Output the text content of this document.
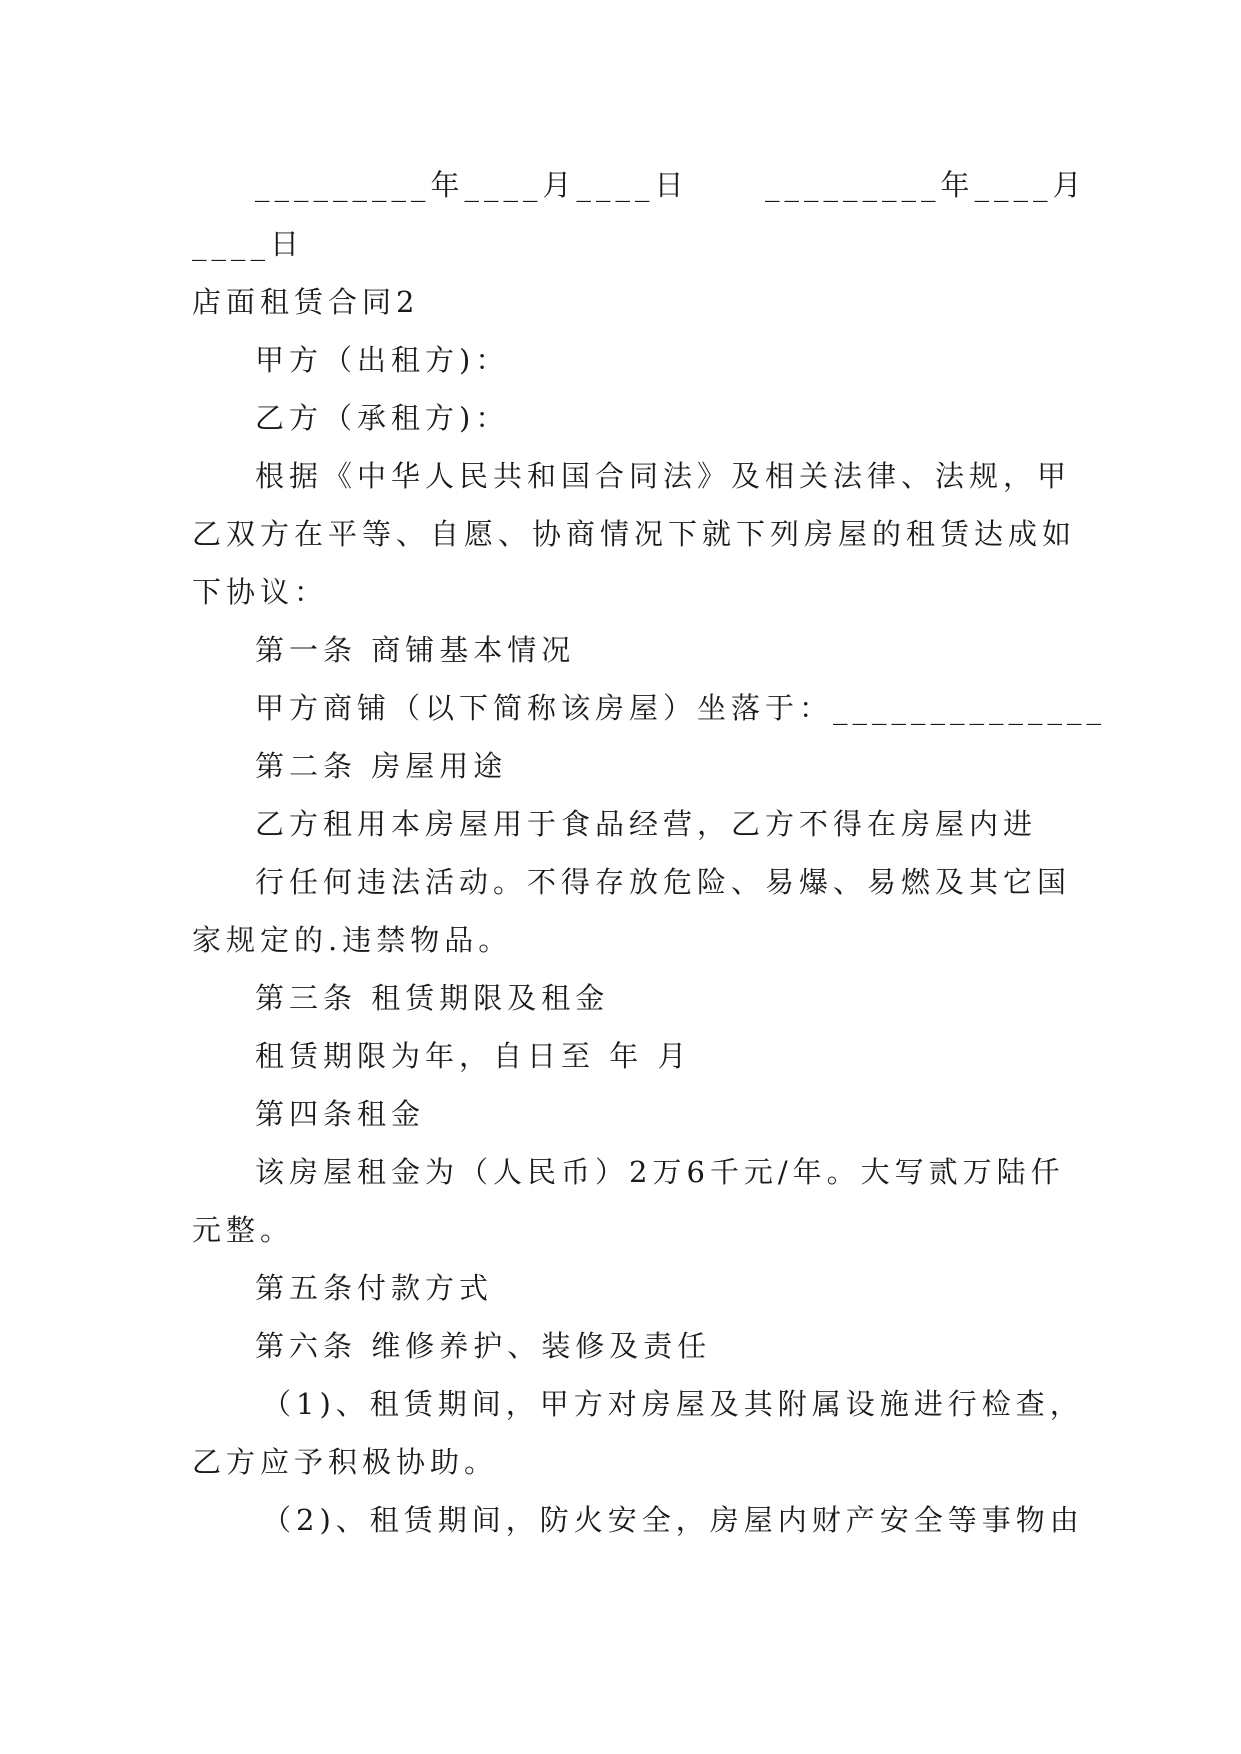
_________年____月____日	_________年____月
____日
店面租赁合同2
甲方（出租方)：
乙方（承租方)：
根据《中华人民共和国合同法》及相关法律、法规，甲
乙双方在平等、自愿、协商情况下就下列房屋的租赁达成如
下协议：
第一条 商铺基本情况
甲方商铺（以下简称该房屋）坐落于：______________
第二条 房屋用途
乙方租用本房屋用于食品经营，乙方不得在房屋内进
行任何违法活动。不得存放危险、易爆、易燃及其它国
家规定的.违禁物品。
第三条 租赁期限及租金
租赁期限为年，自日至 年 月
第四条租金
该房屋租金为（人民币）2万6千元/年。大写贰万陆仟
元整。
第五条付款方式
第六条 维修养护、装修及责任
（1)、租赁期间，甲方对房屋及其附属设施进行检查，
乙方应予积极协助。
（2)、租赁期间，防火安全，房屋内财产安全等事物由
